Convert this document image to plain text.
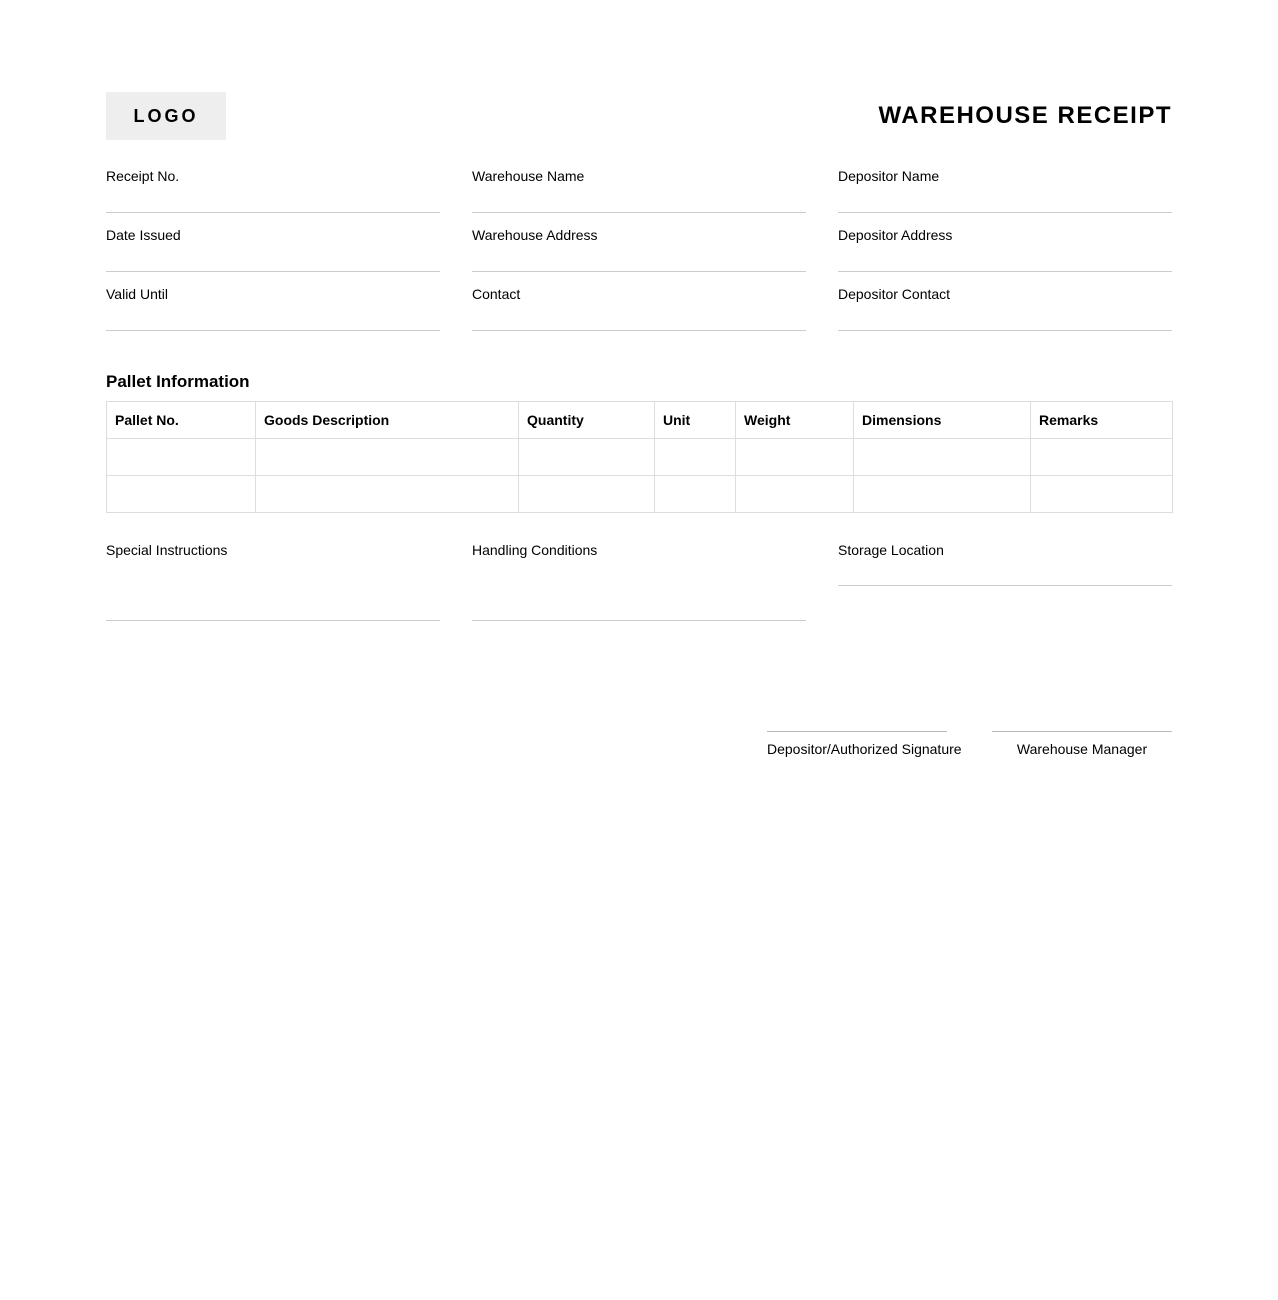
LOGO	WAREHOUSE RECEIPT
Receipt No.	Warehouse Name	Depositor Name
Date Issued	Warehouse Address	Depositor Address
Valid Until	Contact	Depositor Contact
Pallet Information
Pallet No.	Goods Description	Quantity	Unit	Weight	Dimensions	Remarks

Special Instructions	Handling Conditions	Storage Location
Depositor/Authorized Signature	Warehouse Manager
